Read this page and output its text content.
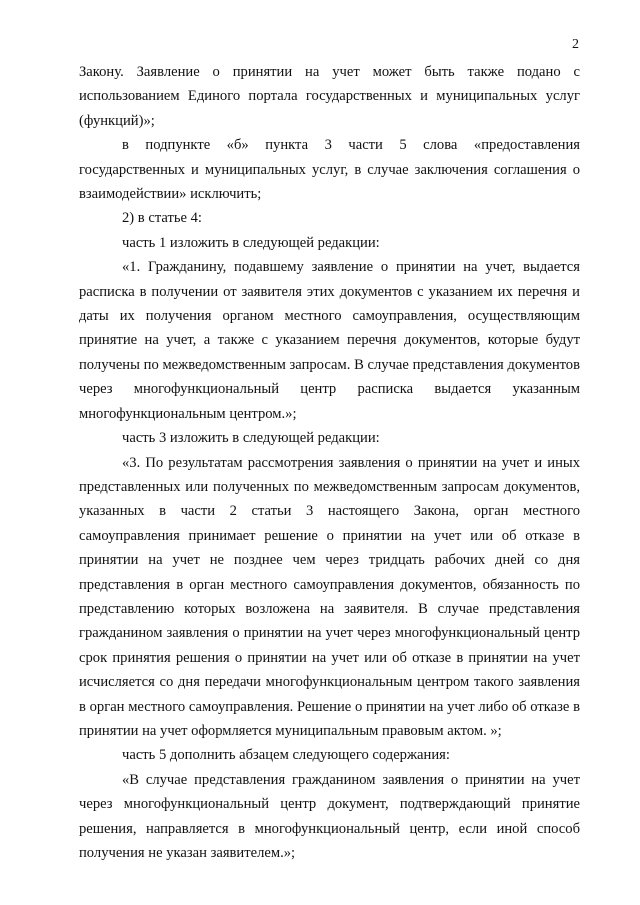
2

Закону. Заявление о принятии на учет может быть также подано с использованием Единого портала государственных и муниципальных услуг (функций)»;

в подпункте «б» пункта 3 части 5 слова «предоставления государственных и муниципальных услуг, в случае заключения соглашения о взаимодействии» исключить;

2) в статье 4:

часть 1 изложить в следующей редакции:

«1. Гражданину, подавшему заявление о принятии на учет, выдается расписка в получении от заявителя этих документов с указанием их перечня и даты их получения органом местного самоуправления, осуществляющим принятие на учет, а также с указанием перечня документов, которые будут получены по межведомственным запросам. В случае представления документов через многофункциональный центр расписка выдается указанным многофункциональным центром.»;

часть 3 изложить в следующей редакции:

«3. По результатам рассмотрения заявления о принятии на учет и иных представленных или полученных по межведомственным запросам документов, указанных в части 2 статьи 3 настоящего Закона, орган местного самоуправления принимает решение о принятии на учет или об отказе в принятии на учет не позднее чем через тридцать рабочих дней со дня представления в орган местного самоуправления документов, обязанность по представлению которых возложена на заявителя. В случае представления гражданином заявления о принятии на учет через многофункциональный центр срок принятия решения о принятии на учет или об отказе в принятии на учет исчисляется со дня передачи многофункциональным центром такого заявления в орган местного самоуправления. Решение о принятии на учет либо об отказе в принятии на учет оформляется муниципальным правовым актом. »;

часть 5 дополнить абзацем следующего содержания:

«В случае представления гражданином заявления о принятии на учет через многофункциональный центр документ, подтверждающий принятие решения, направляется в многофункциональный центр, если иной способ получения не указан заявителем.»;
